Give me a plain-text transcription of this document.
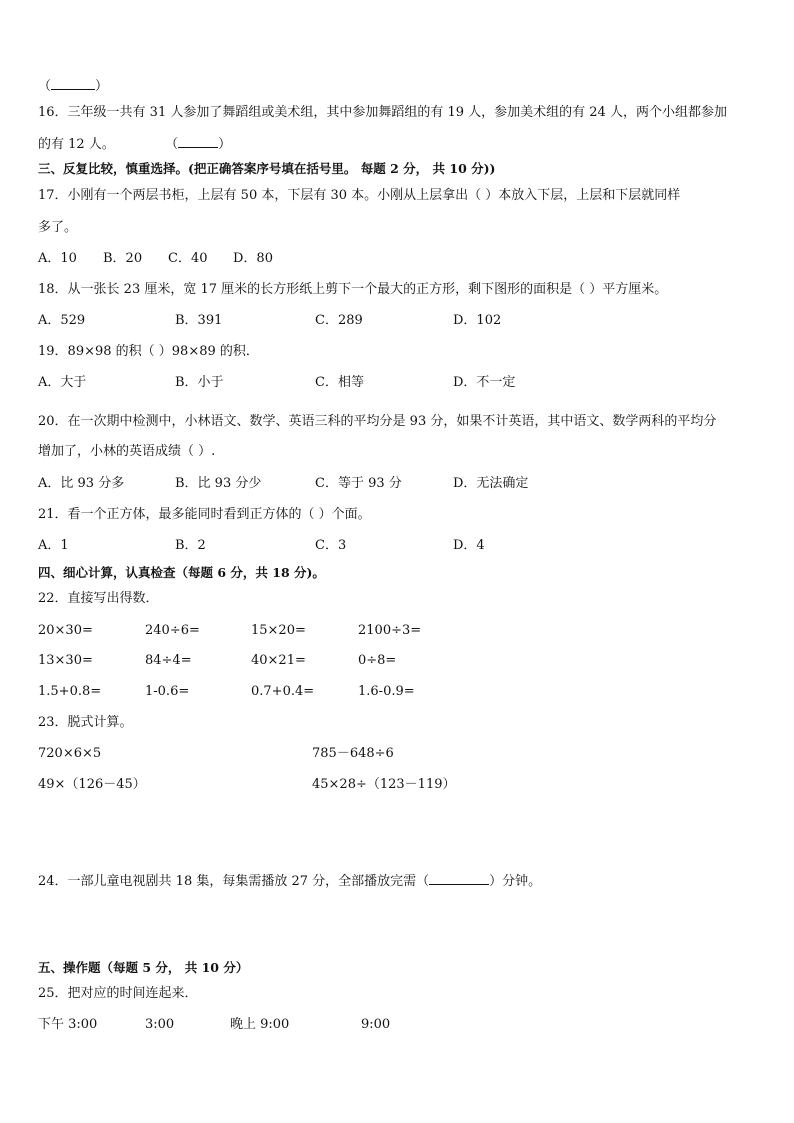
（	）
16．三年级一共有 31 人参加了舞蹈组或美术组，其中参加舞蹈组的有 19 人，参加美术组的有 24 人，两个小组都参加
的有 12 人。	（	）
三、反复比较，慎重选择。(把正确答案序号填在括号里。 每题 2 分， 共 10 分))
17．小刚有一个两层书柜，上层有 50 本，下层有 30 本。小刚从上层拿出（ ）本放入下层，上层和下层就同样
多了。
A．10 B．20 C．40 D．80
18．从一张长 23 厘米，宽 17 厘米的长方形纸上剪下一个最大的正方形，剩下图形的面积是（ ）平方厘米。
A．529	B．391	C．289	D．102
19．89×98 的积（ ）98×89 的积．
A．大于	B．小于	C．相等	D．不一定
20．在一次期中检测中，小林语文、数学、英语三科的平均分是 93 分，如果不计英语，其中语文、数学两科的平均分
增加了，小林的英语成绩（ ）.
A．比 93 分多	B．比 93 分少	C．等于 93 分	D．无法确定
21．看一个正方体，最多能同时看到正方体的（ ）个面。
A．1	B．2	C．3	D．4
四、细心计算，认真检查（每题 6 分，共 18 分)。
22．直接写出得数．
20×30=	240÷6=	15×20=	2100÷3=
13×30=	84÷4=	40×21=	0÷8=
1.5+0.8=	1-0.6=	0.7+0.4=	1.6-0.9=
23．脱式计算。
720×6×5	785－648÷6
49×（126－45）	45×28÷（123－119）
24．一部儿童电视剧共 18 集，每集需播放 27 分，全部播放完需（	）分钟。
五、操作题（每题 5 分， 共 10 分）
25．把对应的时间连起来．
下午 3:00	3:00	晚上 9:00	9:00
